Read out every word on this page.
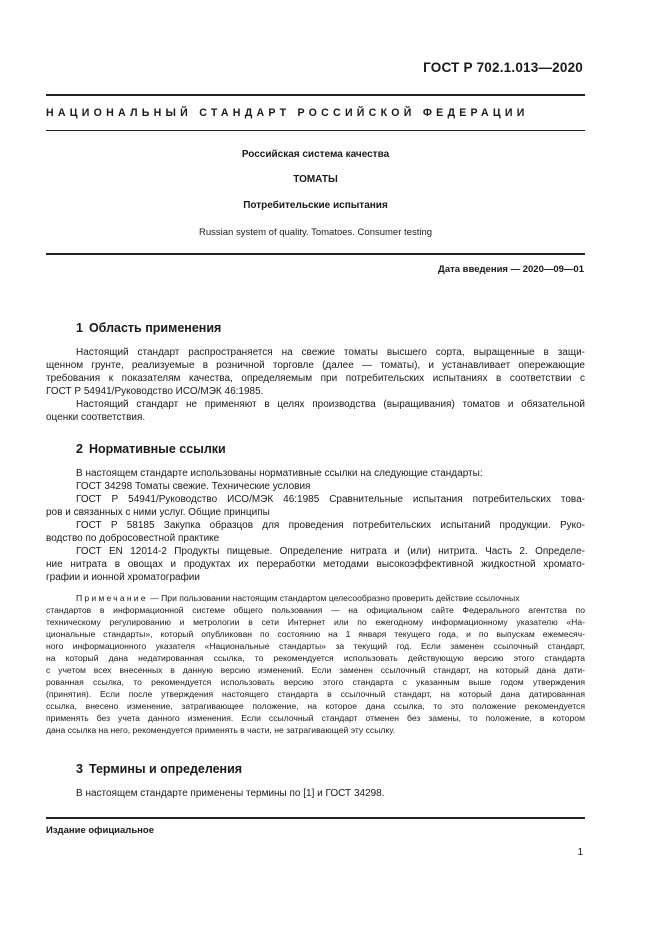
ГОСТ Р 702.1.013—2020
НАЦИОНАЛЬНЫЙ СТАНДАРТ РОССИЙСКОЙ ФЕДЕРАЦИИ
Российская система качества
ТОМАТЫ
Потребительские испытания
Russian system of quality. Tomatoes. Consumer testing
Дата введения — 2020—09—01
1 Область применения
Настоящий стандарт распространяется на свежие томаты высшего сорта, выращенные в защи-
щенном грунте, реализуемые в розничной торговле (далее — томаты), и устанавливает опережающие
требования к показателям качества, определяемым при потребительских испытаниях в соответствии с
ГОСТ Р 54941/Руководство ИСО/МЭК 46:1985.
Настоящий стандарт не применяют в целях производства (выращивания) томатов и обязательной
оценки соответствия.
2 Нормативные ссылки
В настоящем стандарте использованы нормативные ссылки на следующие стандарты:
ГОСТ 34298 Томаты свежие. Технические условия
ГОСТ Р 54941/Руководство ИСО/МЭК 46:1985 Сравнительные испытания потребительских това-
ров и связанных с ними услуг. Общие принципы
ГОСТ Р 58185 Закупка образцов для проведения потребительских испытаний продукции. Руко-
водство по добросовестной практике
ГОСТ EN 12014-2 Продукты пищевые. Определение нитрата и (или) нитрита. Часть 2. Определе-
ние нитрата в овощах и продуктах их переработки методами высокоэффективной жидкостной хромато-
графии и ионной хроматографии
Примечание — При пользовании настоящим стандартом целесообразно проверить действие ссылочных
стандартов в информационной системе общего пользования — на официальном сайте Федерального агентства по
техническому регулированию и метрологии в сети Интернет или по ежегодному информационному указателю «На-
циональные стандарты», который опубликован по состоянию на 1 января текущего года, и по выпускам ежемесяч-
ного информационного указателя «Национальные стандарты» за текущий год. Если заменен ссылочный стандарт,
на который дана недатированная ссылка, то рекомендуется использовать действующую версию этого стандарта
с учетом всех внесенных в данную версию изменений. Если заменен ссылочный стандарт, на который дана дати-
рованная ссылка, то рекомендуется использовать версию этого стандарта с указанным выше годом утверждения
(принятия). Если после утверждения настоящего стандарта в ссылочный стандарт, на который дана датированная
ссылка, внесено изменение, затрагивающее положение, на которое дана ссылка, то это положение рекомендуется
применять без учета данного изменения. Если ссылочный стандарт отменен без замены, то положение, в котором
дана ссылка на него, рекомендуется применять в части, не затрагивающей эту ссылку.
3 Термины и определения
В настоящем стандарте применены термины по [1] и ГОСТ 34298.
Издание официальное
1
